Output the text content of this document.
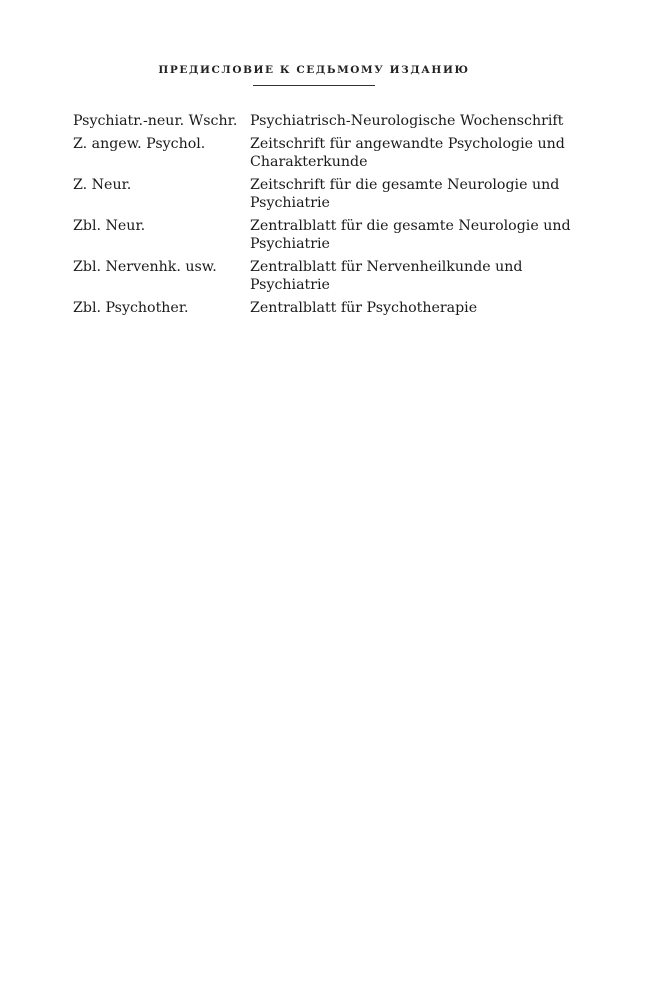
ПРЕДИСЛОВИЕ К СЕДЬМОМУ ИЗДАНИЮ
Psychiatr.-neur. Wschr.	Psychiatrisch-Neurologische Wochenschrift
Z. angew. Psychol.	Zeitschrift für angewandte Psychologie und Charakterkunde
Z. Neur.	Zeitschrift für die gesamte Neurologie und Psychiatrie
Zbl. Neur.	Zentralblatt für die gesamte Neurologie und Psychiatrie
Zbl. Nervenhk. usw.	Zentralblatt für Nervenheilkunde und Psychiatrie
Zbl. Psychother.	Zentralblatt für Psychotherapie
